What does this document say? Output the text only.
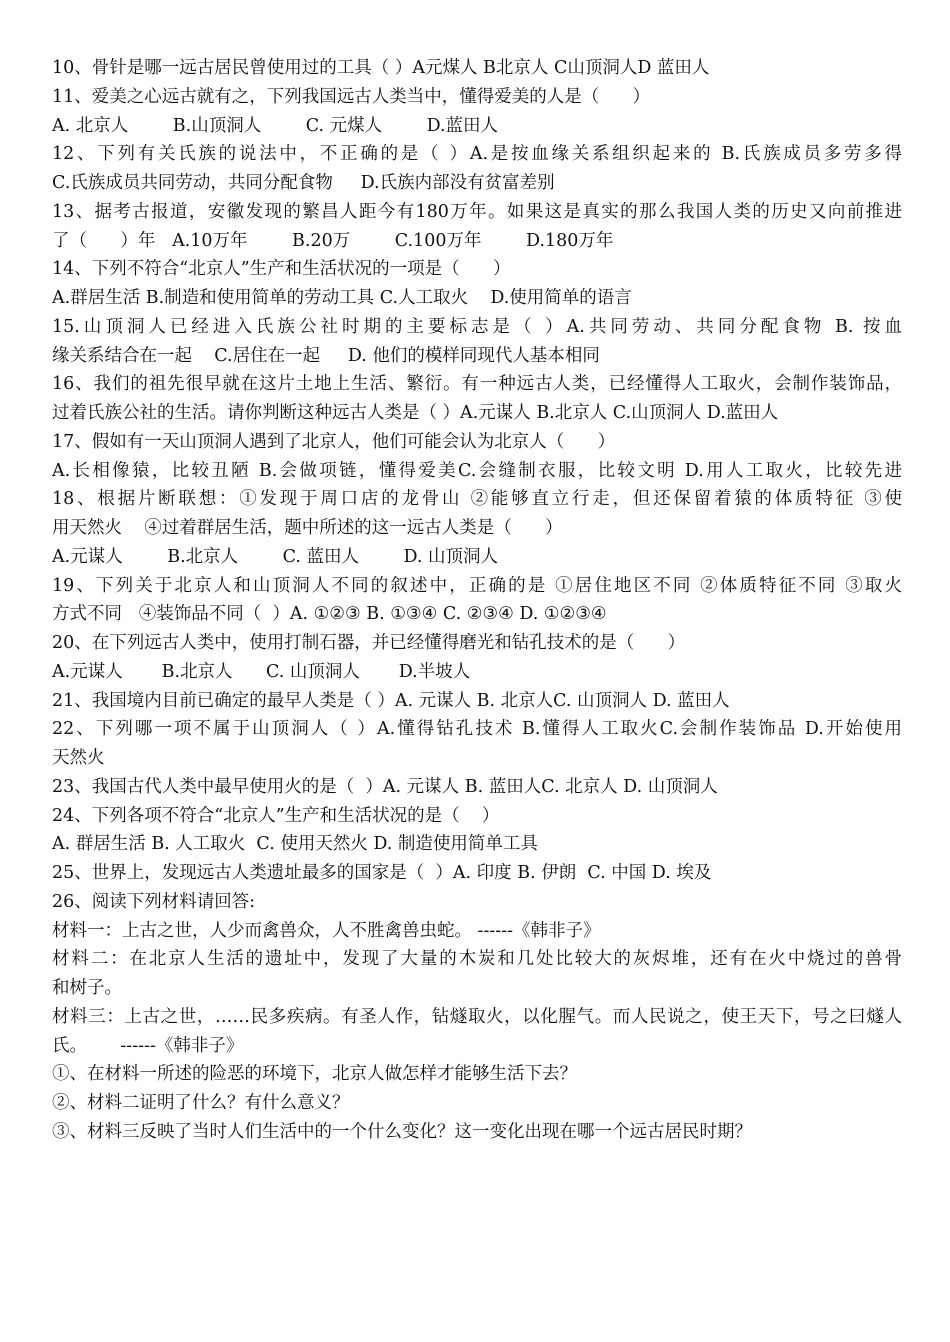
10、骨针是哪一远古居民曾使用过的工具（ ）A元煤人 B北京人 C山顶洞人D 蓝田人
11、爱美之心远古就有之，下列我国远古人类当中，懂得爱美的人是（      ）
A. 北京人        B.山顶洞人        C. 元煤人        D.蓝田人
12、下列有关氏族的说法中，不正确的是（ ）A.是按血缘关系组织起来的 B.氏族成员多劳多得
C.氏族成员共同劳动，共同分配食物     D.氏族内部没有贫富差别
13、据考古报道，安徽发现的繁昌人距今有180万年。如果这是真实的那么我国人类的历史又向前推进
了（      ）年   A.10万年        B.20万        C.100万年        D.180万年
14、下列不符合“北京人”生产和生活状况的一项是（      ）
A.群居生活 B.制造和使用简单的劳动工具 C.人工取火    D.使用简单的语言
15.山顶洞人已经进入氏族公社时期的主要标志是（ ）A.共同劳动、共同分配食物 B. 按血
缘关系结合在一起    C.居住在一起     D. 他们的模样同现代人基本相同
16、我们的祖先很早就在这片土地上生活、繁衍。有一种远古人类，已经懂得人工取火，会制作装饰品，
过着氏族公社的生活。请你判断这种远古人类是（ ）A.元谋人 B.北京人 C.山顶洞人 D.蓝田人
17、假如有一天山顶洞人遇到了北京人，他们可能会认为北京人（      ）
A.长相像猿，比较丑陋 B.会做项链，懂得爱美C.会缝制衣服，比较文明 D.用人工取火，比较先进
18、根据片断联想：①发现于周口店的龙骨山 ②能够直立行走，但还保留着猿的体质特征 ③使
用天然火    ④过着群居生活，题中所述的这一远古人类是（      ）
A.元谋人        B.北京人        C. 蓝田人        D. 山顶洞人
19、下列关于北京人和山顶洞人不同的叙述中，正确的是 ①居住地区不同 ②体质特征不同 ③取火
方式不同   ④装饰品不同（  ）A. ①②③ B. ①③④ C. ②③④ D. ①②③④
20、在下列远古人类中，使用打制石器，并已经懂得磨光和钻孔技术的是（      ）
A.元谋人       B.北京人      C. 山顶洞人       D.半坡人
21、我国境内目前已确定的最早人类是（ ）A. 元谋人 B. 北京人C. 山顶洞人 D. 蓝田人
22、下列哪一项不属于山顶洞人（ ）A.懂得钻孔技术 B.懂得人工取火C.会制作装饰品 D.开始使用
天然火
23、我国古代人类中最早使用火的是（  ）A. 元谋人 B. 蓝田人C. 北京人 D. 山顶洞人
24、下列各项不符合“北京人”生产和生活状况的是（    ）
A. 群居生活 B. 人工取火  C. 使用天然火 D. 制造使用简单工具
25、世界上，发现远古人类遗址最多的国家是（  ）A. 印度 B. 伊朗  C. 中国 D. 埃及
26、阅读下列材料请回答:
材料一：上古之世，人少而禽兽众，人不胜禽兽虫蛇。 ------《韩非子》
材料二：在北京人生活的遗址中，发现了大量的木炭和几处比较大的灰烬堆，还有在火中烧过的兽骨
和树子。
材料三：上古之世，……民多疾病。有圣人作，钻燧取火，以化腥气。而人民说之，使王天下，号之曰燧人
氏。      ------《韩非子》
①、在材料一所述的险恶的环境下，北京人做怎样才能够生活下去？
②、材料二证明了什么？有什么意义？
③、材料三反映了当时人们生活中的一个什么变化？这一变化出现在哪一个远古居民时期？
